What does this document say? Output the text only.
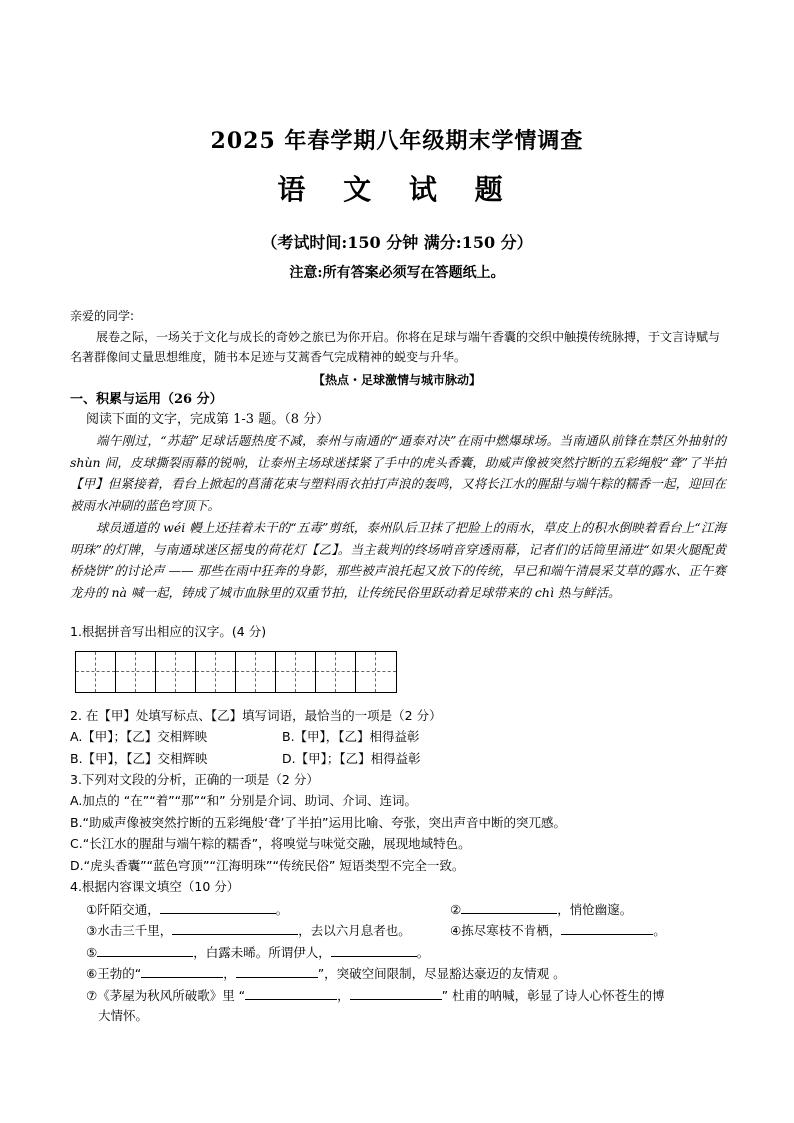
2025 年春学期八年级期末学情调查
语 文 试 题
（考试时间:150 分钟 满分:150 分）
注意:所有答案必须写在答题纸上。
亲爱的同学:
展卷之际，一场关于文化与成长的奇妙之旅已为你开启。你将在足球与端午香囊的交织中触摸传统脉搏，于文言诗赋与名著群像间丈量思想维度，随书本足迹与艾蒿香气完成精神的蜕变与升华。
【热点・足球激情与城市脉动】
一、积累与运用（26 分）
阅读下面的文字，完成第 1-3 题。（8 分）
端午刚过，“苏超”足球话题热度不减，泰州与南通的“通泰对决”在雨中燃爆球场。当南通队前锋在禁区外抽射的 shùn 间，皮球撕裂雨幕的锐响，让泰州主场球迷揉紧了手中的虎头香囊，助威声像被突然拧断的五彩绳般“聋”了半拍【甲】但紧接着，看台上掀起的菖蒲花束与塑料雨衣拍打声浪的轰鸣，又将长江水的腥甜与端午粽的糯香一起，迎回在被雨水冲刷的蓝色穹顶下。
球员通道的 wéi 幔上还挂着未干的“五毒”剪纸，泰州队后卫抹了把脸上的雨水，草皮上的积水倒映着看台上“江海明珠”的灯牌，与南通球迷区摇曳的荷花灯【乙】。当主裁判的终场哨音穿透雨幕，记者们的话筒里涌进“如果火腿配黄桥烧饼”的讨论声 —— 那些在雨中狂奔的身影，那些被声浪托起又放下的传统，早已和端午清晨采艾草的露水、正午赛龙舟的 nà 喊一起，铸成了城市血脉里的双重节拍，让传统民俗里跃动着足球带来的 chì 热与鲜活。
1.根据拼音写出相应的汉字。(4 分)
2. 在【甲】处填写标点、【乙】填写词语，最恰当的一项是（2 分）
A.【甲】；【乙】交相辉映	B.【甲】，【乙】相得益彰
B.【甲】，【乙】交相辉映	D.【甲】；【乙】相得益彰
3.下列对文段的分析，正确的一项是（2 分）
A.加点的 “在”“着”“那”“和” 分别是介词、助词、介词、连词。
B.“助威声像被突然拧断的五彩绳般‘聋’了半拍”运用比喻、夸张，突出声音中断的突兀感。
C.“长江水的腥甜与端午粽的糯香”，将嗅觉与味觉交融，展现地域特色。
D.“虎头香囊”“蓝色穹顶”“江海明珠”“传统民俗” 短语类型不完全一致。
4.根据内容课文填空（10 分）
①阡陌交通，	。	②	，悄怆幽邃。
③水击三千里，	，去以六月息者也。	④拣尽寒枝不肯栖，	。
⑤	，白露未晞。所谓伊人，	。
⑥王勃的“	，	”，突破空间限制，尽显豁达豪迈的友情观 。
⑦《茅屋为秋风所破歌》里 “	，	” 杜甫的呐喊，彰显了诗人心怀苍生的博
大情怀。
